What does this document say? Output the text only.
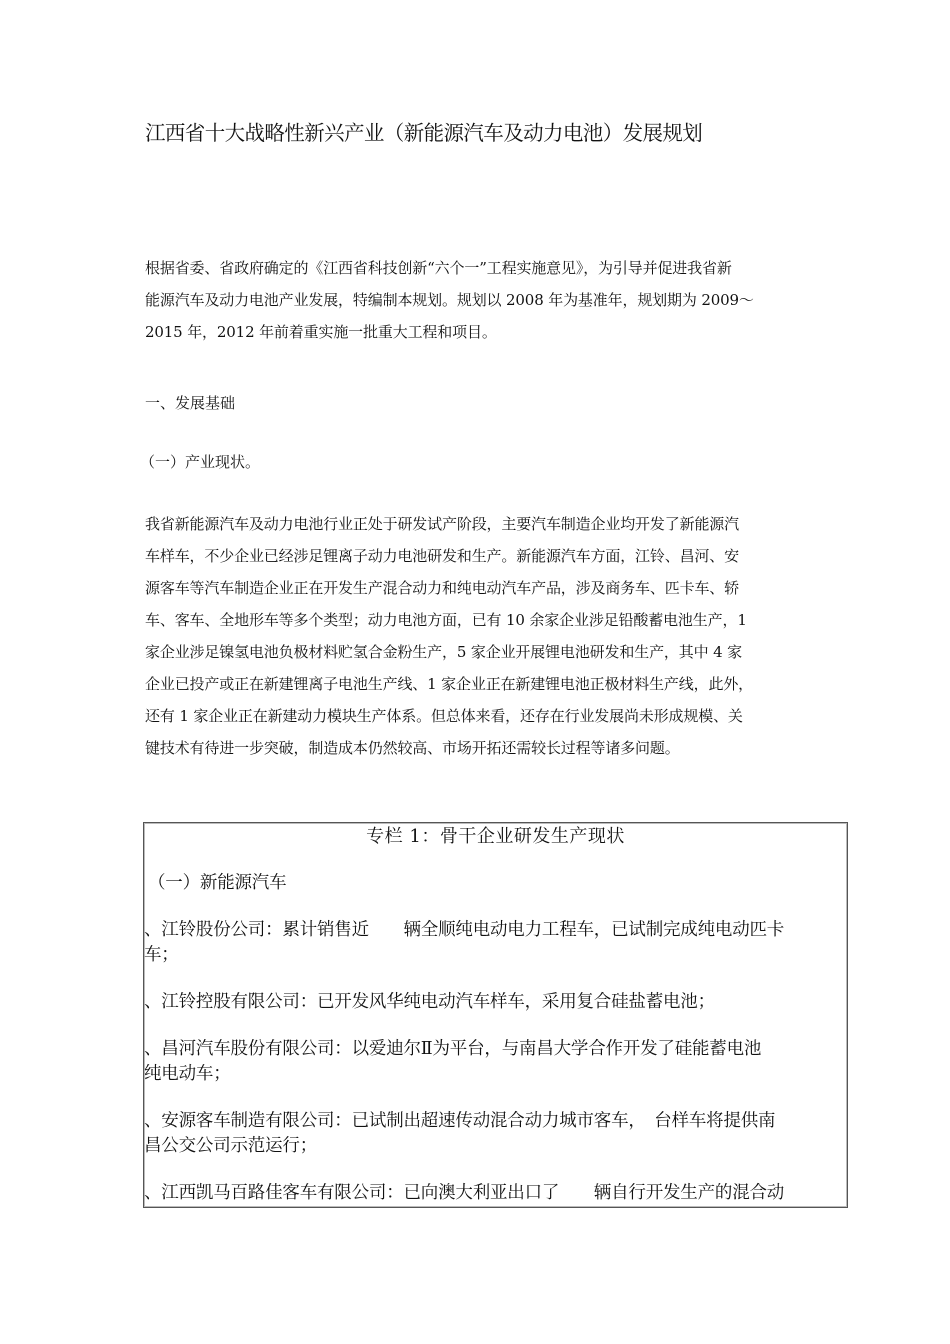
江西省十大战略性新兴产业（新能源汽车及动力电池）发展规划
根据省委、省政府确定的《江西省科技创新“六个一”工程实施意见》，为引导并促进我省新
能源汽车及动力电池产业发展，特编制本规划。规划以 2008 年为基准年，规划期为 2009～
2015 年，2012 年前着重实施一批重大工程和项目。
一、发展基础
（一）产业现状。
我省新能源汽车及动力电池行业正处于研发试产阶段，主要汽车制造企业均开发了新能源汽
车样车，不少企业已经涉足锂离子动力电池研发和生产。新能源汽车方面，江铃、昌河、安
源客车等汽车制造企业正在开发生产混合动力和纯电动汽车产品，涉及商务车、匹卡车、轿
车、客车、全地形车等多个类型；动力电池方面，已有 10 余家企业涉足铅酸蓄电池生产，1
家企业涉足镍氢电池负极材料贮氢合金粉生产，5 家企业开展锂电池研发和生产，其中 4 家
企业已投产或正在新建锂离子电池生产线、1 家企业正在新建锂电池正极材料生产线，此外，
还有 1 家企业正在新建动力模块生产体系。但总体来看，还存在行业发展尚未形成规模、关
键技术有待进一步突破，制造成本仍然较高、市场开拓还需较长过程等诸多问题。
专栏 1：骨干企业研发生产现状
（一）新能源汽车
、江铃股份公司：累计销售近　　辆全顺纯电动电力工程车，已试制完成纯电动匹卡
车；
、江铃控股有限公司：已开发风华纯电动汽车样车，采用复合硅盐蓄电池；
、昌河汽车股份有限公司：以爱迪尔Ⅱ为平台，与南昌大学合作开发了硅能蓄电池
纯电动车；
、安源客车制造有限公司：已试制出超速传动混合动力城市客车，　台样车将提供南
昌公交公司示范运行；
、江西凯马百路佳客车有限公司：已向澳大利亚出口了　　辆自行开发生产的混合动
